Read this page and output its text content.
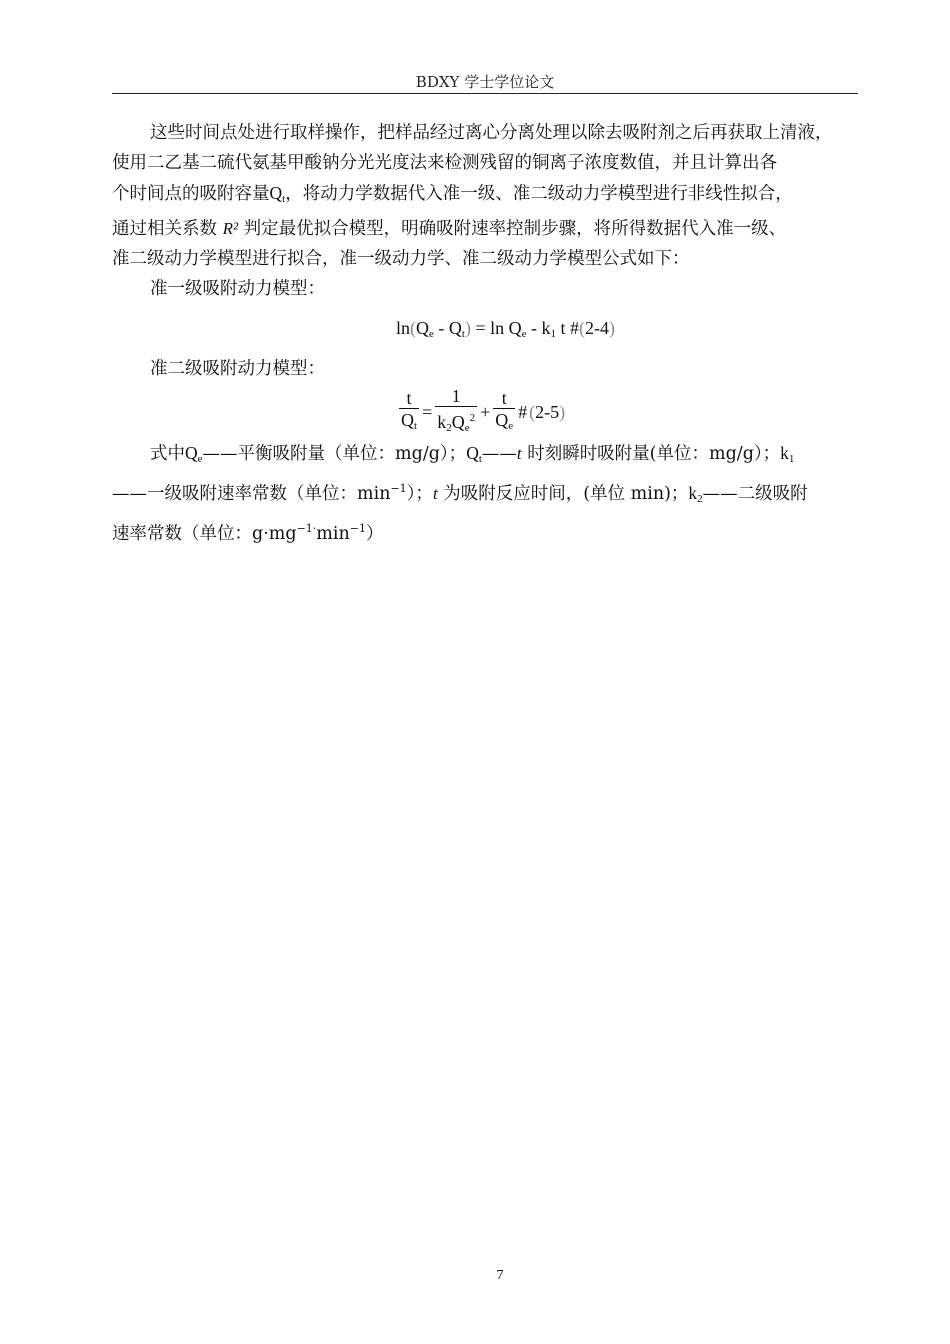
BDXY 学士学位论文

这些时间点处进行取样操作，把样品经过离心分离处理以除去吸附剂之后再获取上清液，

使用二乙基二硫代氨基甲酸钠分光光度法来检测残留的铜离子浓度数值，并且计算出各

个时间点的吸附容量$Q_t$，将动力学数据代入准一级、准二级动力学模型进行非线性拟合，

通过相关系数 R² 判定最优拟合模型，明确吸附速率控制步骤，将所得数据代入准一级、

准二级动力学模型进行拟合，准一级动力学、准二级动力学模型公式如下：

准一级吸附动力模型：

$\ln(Q_e - Q_t) = \ln Q_e - k_1$ t #(2-4)

准二级吸附动力模型：

$\frac{t}{Q_t} = \frac{1}{k_2Q_e^2} + \frac{t}{Q_e}$ # ( 2-5 )

式中$Q_e——$平衡吸附量（单位：mg/g）；$Q_t——t$ 时刻瞬时吸附量(单位：mg/g）；$k_1$

——一级吸附速率常数（单位：$\min^{-1}$）；t 为吸附反应时间，(单位 min)；$k_2——$二级吸附

速率常数（单位：$g\cdot mg^{-1\cdot}\min^{-1}$）

7
